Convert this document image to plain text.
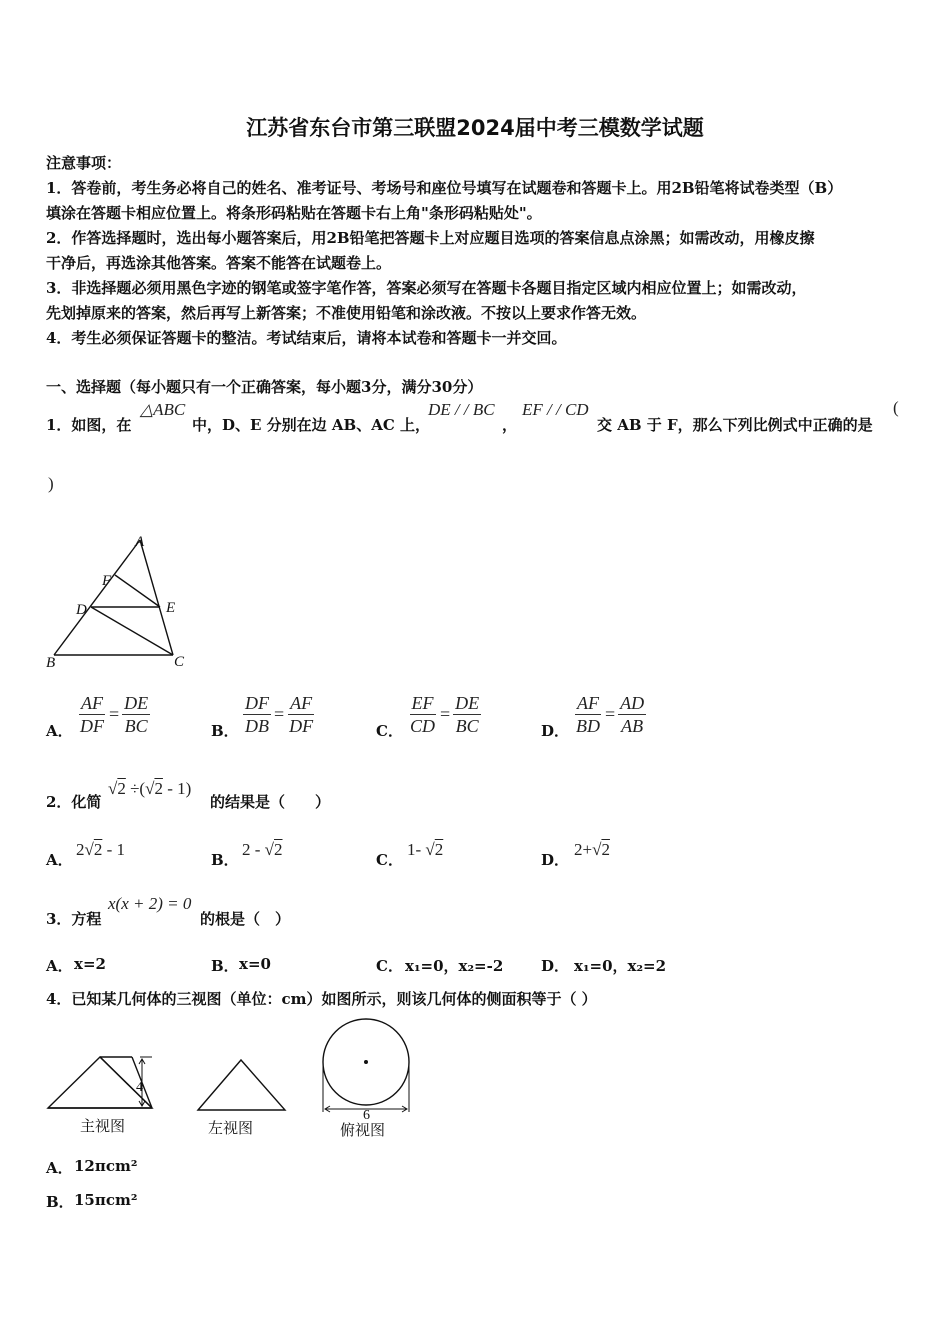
江苏省东台市第三联盟2024届中考三模数学试题
注意事项：
1．答卷前，考生务必将自己的姓名、准考证号、考场号和座位号填写在试题卷和答题卡上。用2B铅笔将试卷类型（B）
填涂在答题卡相应位置上。将条形码粘贴在答题卡右上角"条形码粘贴处"。
2．作答选择题时，选出每小题答案后，用2B铅笔把答题卡上对应题目选项的答案信息点涂黑；如需改动，用橡皮擦
干净后，再选涂其他答案。答案不能答在试题卷上。
3．非选择题必须用黑色字迹的钢笔或签字笔作答，答案必须写在答题卡各题目指定区域内相应位置上；如需改动，
先划掉原来的答案，然后再写上新答案；不准使用铅笔和涂改液。不按以上要求作答无效。
4．考生必须保证答题卡的整洁。考试结束后，请将本试卷和答题卡一并交回。
一、选择题（每小题只有一个正确答案，每小题3分，满分30分）
1．如图，在
△ABC
中，D、E 分别在边 AB、AC 上，
DE / / BC
，
EF / / CD
交 AB 于 F，那么下列比例式中正确的是
(
)
A
F
D	E
B	C
A． $\frac{AF}{DF} = \frac{DE}{BC}$	B． $\frac{DF}{DB} = \frac{AF}{DF}$	C． $\frac{EF}{CD} = \frac{DE}{BC}$	D． $\frac{AF}{BD} = \frac{AD}{AB}$
2．化简
√2 ÷(√2 - 1)
的结果是（　　）
A．
2√2 - 1
B．
2 - √2
C．
1- √2
D．
2+√2
3．方程
x(x + 2) = 0
的根是（　）
A． x=2	B． x=0	C． x₁=0，x₂=-2	D． x₁=0，x₂=2
4．已知某几何体的三视图（单位：cm）如图所示，则该几何体的侧面积等于（ ）
4
6
主视图	左视图	俯视图
A． 12πcm²
B． 15πcm²
